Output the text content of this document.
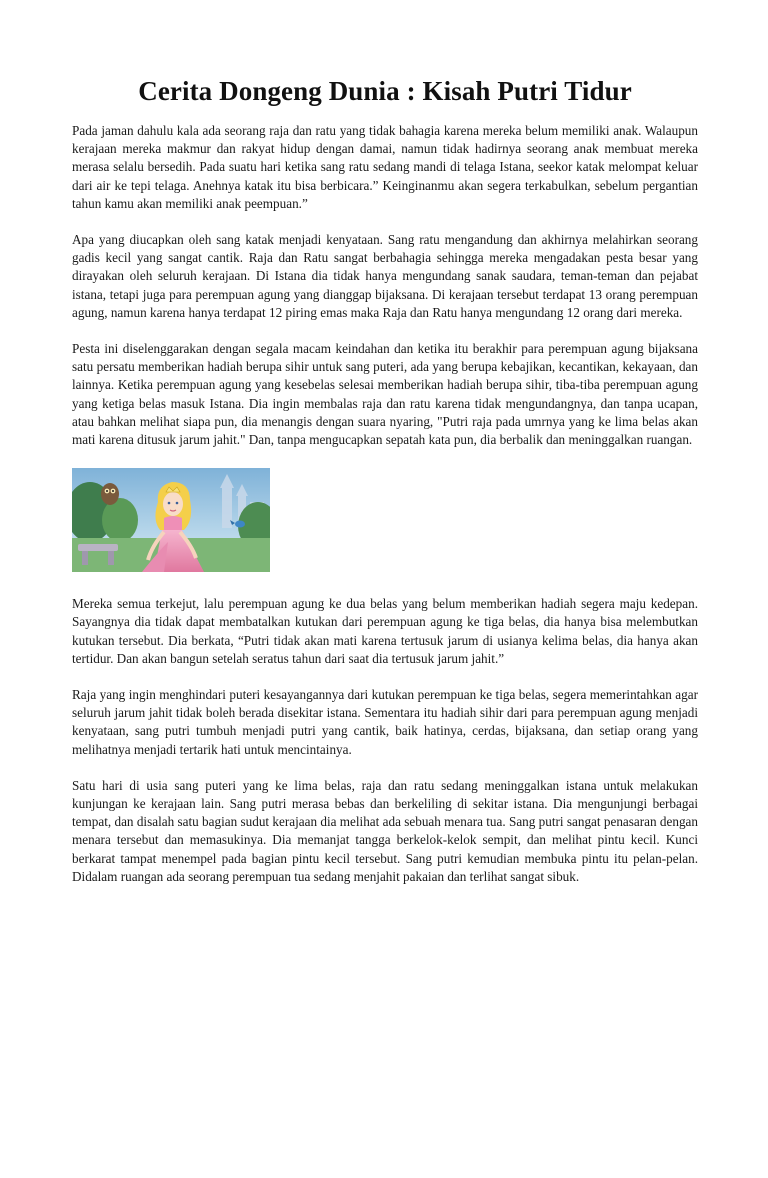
Cerita Dongeng Dunia : Kisah Putri Tidur

Pada jaman dahulu kala ada seorang raja dan ratu yang tidak bahagia karena mereka belum memiliki anak. Walaupun kerajaan mereka makmur dan rakyat hidup dengan damai, namun tidak hadirnya seorang anak membuat mereka merasa selalu bersedih. Pada suatu hari ketika sang ratu sedang mandi di telaga Istana, seekor katak melompat keluar dari air ke tepi telaga. Anehnya katak itu bisa berbicara.” Keinginanmu akan segera terkabulkan, sebelum pergantian tahun kamu akan memiliki anak peempuan.”

Apa yang diucapkan oleh sang katak menjadi kenyataan. Sang ratu mengandung dan akhirnya melahirkan seorang gadis kecil yang sangat cantik. Raja dan Ratu sangat berbahagia sehingga mereka mengadakan pesta besar yang dirayakan oleh seluruh kerajaan. Di Istana dia tidak hanya mengundang sanak saudara, teman-teman dan pejabat istana, tetapi juga para perempuan agung yang dianggap bijaksana. Di kerajaan tersebut terdapat 13 orang perempuan agung, namun karena hanya terdapat 12 piring emas maka Raja dan Ratu hanya mengundang 12 orang dari mereka.

Pesta ini diselenggarakan dengan segala macam keindahan dan ketika itu berakhir para perempuan agung bijaksana satu persatu memberikan hadiah berupa sihir untuk sang puteri, ada yang berupa kebajikan, kecantikan, kekayaan, dan lainnya. Ketika perempuan agung yang kesebelas selesai memberikan hadiah berupa sihir, tiba-tiba perempuan agung yang ketiga belas masuk Istana. Dia ingin membalas raja dan ratu karena tidak mengundangnya, dan tanpa ucapan, atau bahkan melihat siapa pun, dia menangis dengan suara nyaring, "Putri raja pada umrnya yang ke lima belas akan mati karena ditusuk jarum jahit." Dan, tanpa mengucapkan sepatah kata pun, dia berbalik dan meninggalkan ruangan.

Mereka semua terkejut, lalu perempuan agung ke dua belas yang belum memberikan hadiah segera maju kedepan. Sayangnya dia tidak dapat membatalkan kutukan dari perempuan agung ke tiga belas, dia hanya bisa melembutkan kutukan tersebut. Dia berkata, “Putri tidak akan mati karena tertusuk jarum di usianya kelima belas, dia hanya akan tertidur. Dan akan bangun setelah seratus tahun dari saat dia tertusuk jarum jahit.”

Raja yang ingin menghindari puteri kesayangannya dari kutukan perempuan ke tiga belas, segera memerintahkan agar seluruh jarum jahit tidak boleh berada disekitar istana. Sementara itu hadiah sihir dari para perempuan agung menjadi kenyataan, sang putri tumbuh menjadi putri yang cantik, baik hatinya, cerdas, bijaksana, dan setiap orang yang melihatnya menjadi tertarik hati untuk mencintainya.

Satu hari di usia sang puteri yang ke lima belas, raja dan ratu sedang meninggalkan istana untuk melakukan kunjungan ke kerajaan lain. Sang putri merasa bebas dan berkeliling di sekitar istana. Dia mengunjungi berbagai tempat, dan disalah satu bagian sudut kerajaan dia melihat ada sebuah menara tua. Sang putri sangat penasaran dengan menara tersebut dan memasukinya. Dia memanjat tangga berkelok-kelok sempit, dan melihat pintu kecil. Kunci berkarat tampat menempel pada bagian pintu kecil tersebut. Sang putri kemudian membuka pintu itu pelan-pelan. Didalam ruangan ada seorang perempuan tua sedang menjahit pakaian dan terlihat sangat sibuk.
